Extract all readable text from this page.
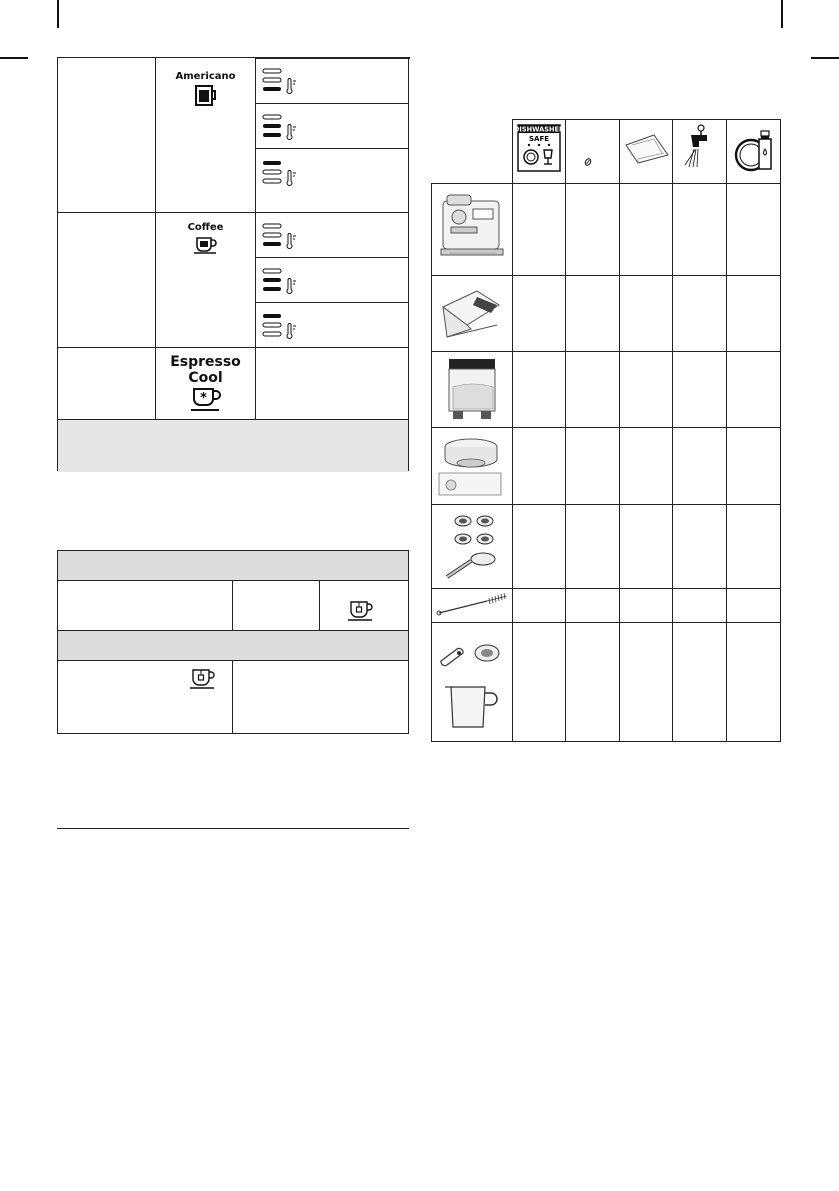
Americano
Coffee
Espresso
Cool
*
DISHWASHER
SAFE
